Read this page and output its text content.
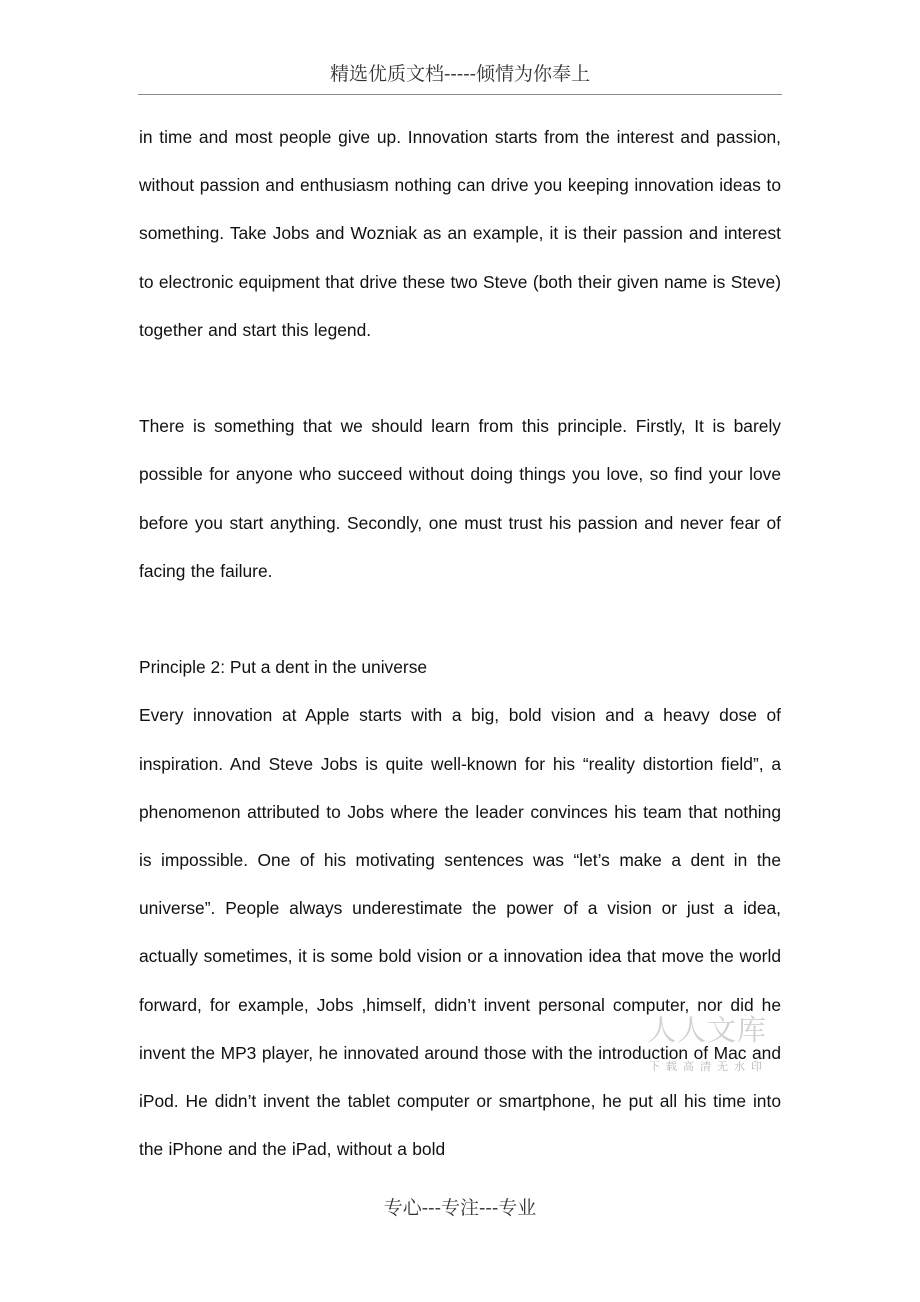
精选优质文档-----倾情为你奉上

in time and most people give up. Innovation starts from the interest and passion, without passion and enthusiasm nothing can drive you keeping innovation ideas to something. Take Jobs and Wozniak as an example, it is their passion and interest to electronic equipment that drive these two Steve (both their given name is Steve) together and start this legend.

There is something that we should learn from this principle. Firstly, It is barely possible for anyone who succeed without doing things you love, so find your love before you start anything. Secondly, one must trust his passion and never fear of facing the failure.

Principle 2: Put a dent in the universe

Every innovation at Apple starts with a big, bold vision and a heavy dose of inspiration. And Steve Jobs is quite well-known for his “reality distortion field”, a phenomenon attributed to Jobs where the leader convinces his team that nothing is impossible. One of his motivating sentences was “let’s make a dent in the universe”. People always underestimate the power of a vision or just a idea, actually sometimes, it is some bold vision or a innovation idea that move the world forward, for example, Jobs ,himself, didn’t invent personal computer, nor did he invent the MP3 player, he innovated around those with the introduction of Mac and iPod. He didn’t invent the tablet computer or smartphone, he put all his time into the iPhone and the iPad, without a bold

人人文库
下载高清无水印
专心---专注---专业
